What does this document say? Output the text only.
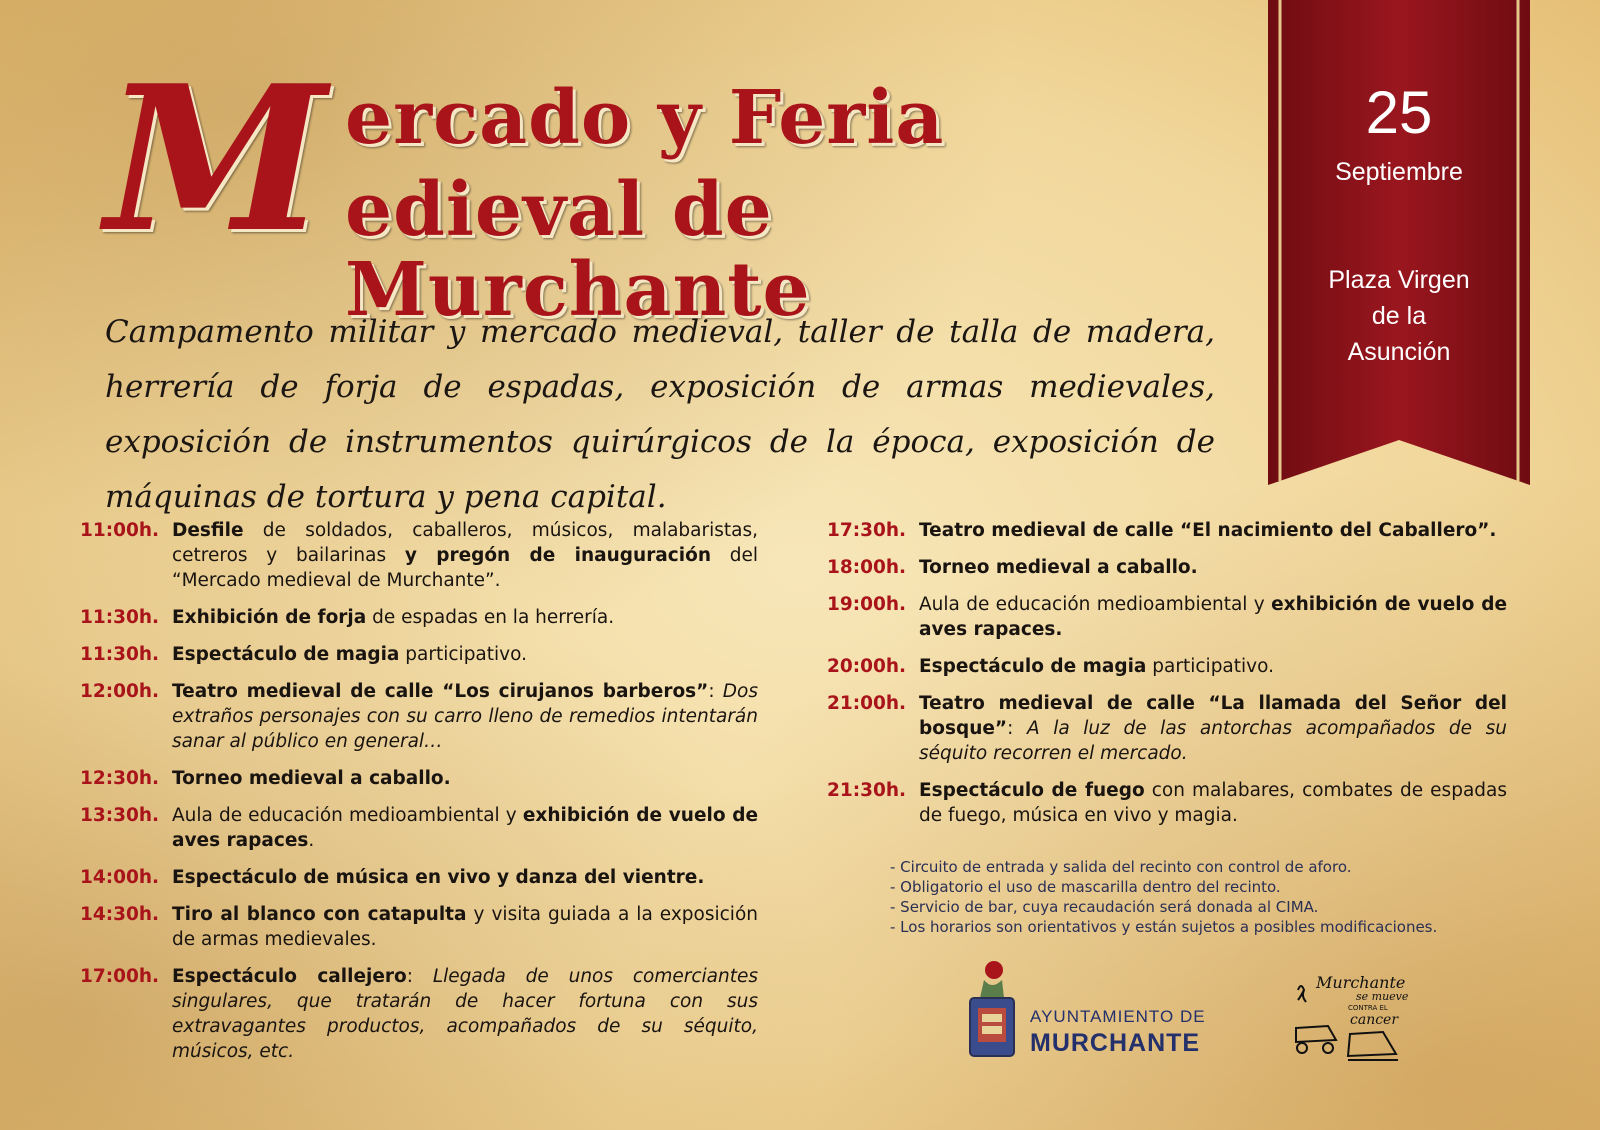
M ercado y Feria
edieval de Murchante
Campamento militar y mercado medieval, taller de talla de madera, herrería de forja de espadas, exposición de armas medievales, exposición de instrumentos quirúrgicos de la época, exposición de máquinas de tortura y pena capital.
25
Septiembre
Plaza Virgen
de la
Asunción
11:00h. Desfile de soldados, caballeros, músicos, malabaristas, cetreros y bailarinas y pregón de inauguración del “Mercado medieval de Murchante”.
11:30h. Exhibición de forja de espadas en la herrería.
11:30h. Espectáculo de magia participativo.
12:00h. Teatro medieval de calle “Los cirujanos barberos”: Dos extraños personajes con su carro lleno de remedios intentarán sanar al público en general…
12:30h. Torneo medieval a caballo.
13:30h. Aula de educación medioambiental y exhibición de vuelo de aves rapaces.
14:00h. Espectáculo de música en vivo y danza del vientre.
14:30h. Tiro al blanco con catapulta y visita guiada a la exposición de armas medievales.
17:00h. Espectáculo callejero: Llegada de unos comerciantes singulares, que tratarán de hacer fortuna con sus extravagantes productos, acompañados de su séquito, músicos, etc.
17:30h. Teatro medieval de calle “El nacimiento del Caballero”.
18:00h. Torneo medieval a caballo.
19:00h. Aula de educación medioambiental y exhibición de vuelo de aves rapaces.
20:00h. Espectáculo de magia participativo.
21:00h. Teatro medieval de calle “La llamada del Señor del bosque”: A la luz de las antorchas acompañados de su séquito recorren el mercado.
21:30h. Espectáculo de fuego con malabares, combates de espadas de fuego, música en vivo y magia.
- Circuito de entrada y salida del recinto con control de aforo.
- Obligatorio el uso de mascarilla dentro del recinto.
- Servicio de bar, cuya recaudación será donada al CIMA.
- Los horarios son orientativos y están sujetos a posibles modificaciones.
AYUNTAMIENTO DE
MURCHANTE
Murchante
se mueve
CONTRA EL
cancer
